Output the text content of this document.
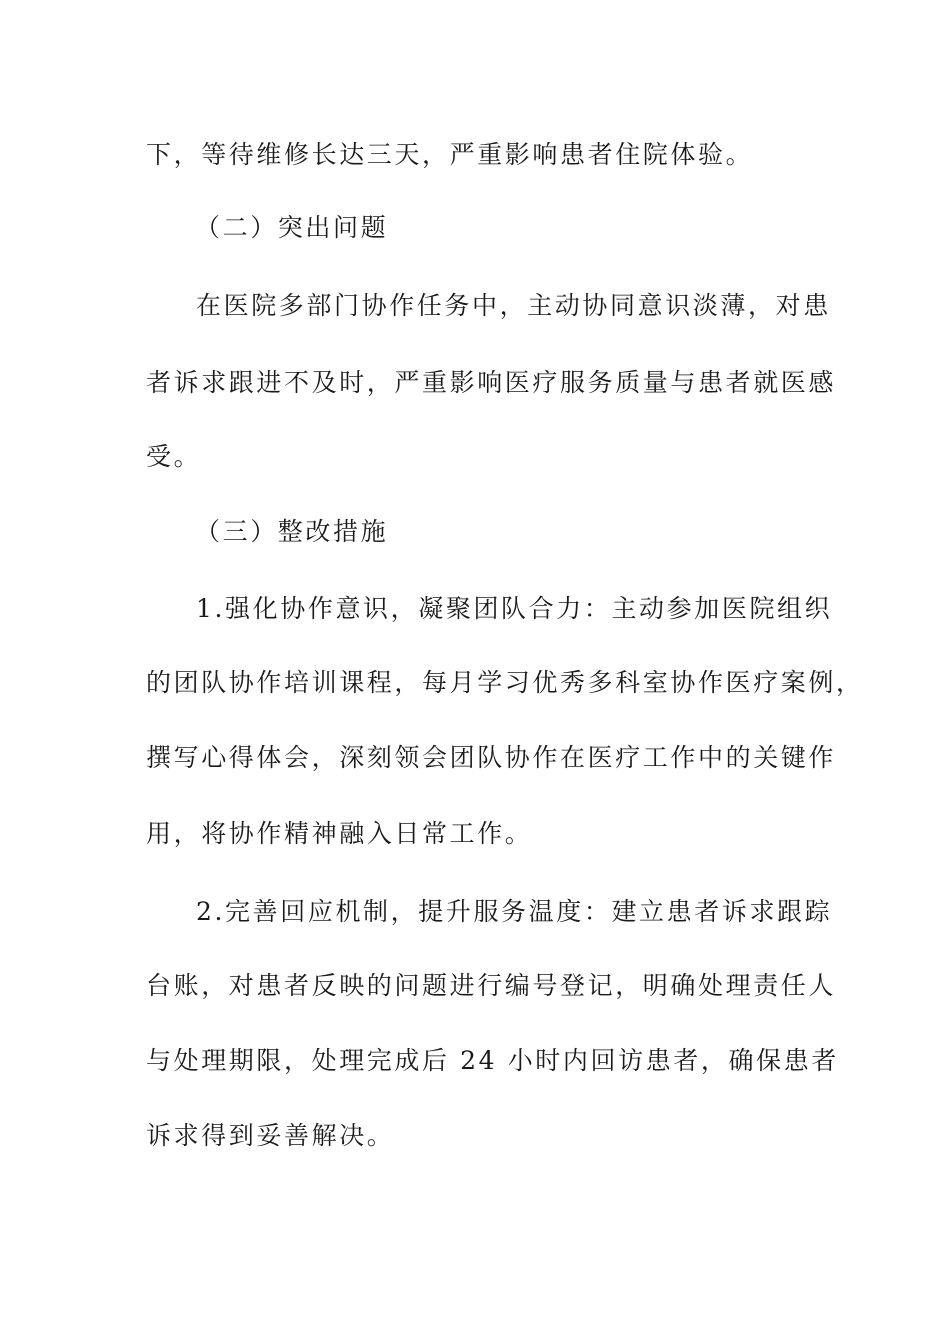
下，等待维修长达三天，严重影响患者住院体验。
（二）突出问题
在医院多部门协作任务中，主动协同意识淡薄，对患
者诉求跟进不及时，严重影响医疗服务质量与患者就医感
受。
（三）整改措施
1.强化协作意识，凝聚团队合力：主动参加医院组织
的团队协作培训课程，每月学习优秀多科室协作医疗案例，
撰写心得体会，深刻领会团队协作在医疗工作中的关键作
用，将协作精神融入日常工作。
2.完善回应机制，提升服务温度：建立患者诉求跟踪
台账，对患者反映的问题进行编号登记，明确处理责任人
与处理期限，处理完成后 24 小时内回访患者，确保患者
诉求得到妥善解决。
